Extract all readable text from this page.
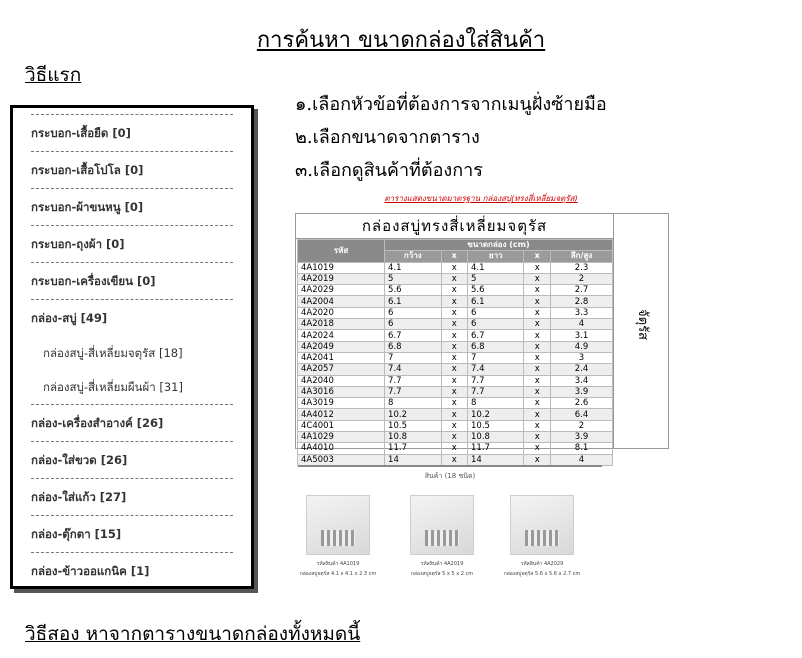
การค้นหา ขนาดกล่องใส่สินค้า
วิธีแรก
กระบอก-เสื้อยืด [0]
กระบอก-เสื้อโปโล [0]
กระบอก-ผ้าขนหนู [0]
กระบอก-ถุงผ้า [0]
กระบอก-เครื่องเขียน [0]
กล่อง-สบู่ [49]
กล่องสบู่-สี่เหลี่ยมจตุรัส [18]
กล่องสบู่-สี่เหลี่ยมผืนผ้า [31]
กล่อง-เครื่องสำอางค์ [26]
กล่อง-ใส่ขวด [26]
กล่อง-ใส่แก้ว [27]
กล่อง-ตุ๊กตา [15]
กล่อง-ข้าวออแกนิค [1]
๑.เลือกหัวข้อที่ต้องการจากเมนูฝั่งซ้ายมือ
๒.เลือกขนาดจากตาราง
๓.เลือกดูสินค้าที่ต้องการ
ตารางแสดงขนาดมาตรฐาน กล่องสบู่(ทรงสี่เหลี่ยมจตุรัส)
กล่องสบู่ทรงสี่เหลี่ยมจตุรัส
รหัส	ขนาดกล่อง (cm)				
	กว้าง	x	ยาว	x	ลึก/สูง
4A1019	4.1	x	4.1	x	2.3
4A2019	5	x	5	x	2
4A2029	5.6	x	5.6	x	2.7
4A2004	6.1	x	6.1	x	2.8
4A2020	6	x	6	x	3.3
4A2018	6	x	6	x	4
4A2024	6.7	x	6.7	x	3.1
4A2049	6.8	x	6.8	x	4.9
4A2041	7	x	7	x	3
4A2057	7.4	x	7.4	x	2.4
4A2040	7.7	x	7.7	x	3.4
4A3016	7.7	x	7.7	x	3.9
4A3019	8	x	8	x	2.6
4A4012	10.2	x	10.2	x	6.4
4C4001	10.5	x	10.5	x	2
4A1029	10.8	x	10.8	x	3.9
4A4010	11.7	x	11.7	x	8.1
4A5003	14	x	14	x	4
จัตุรัส
สินค้า (18 ชนิด)
รหัสสินค้า 4A1019
กล่องสบู่จตุรัส 4.1 x 4.1 x 2.3 cm
รหัสสินค้า 4A2019
กล่องสบู่จตุรัส 5 x 5 x 2 cm
รหัสสินค้า 4A2029
กล่องสบู่จตุรัส 5.6 x 5.6 x 2.7 cm
วิธีสอง หาจากตารางขนาดกล่องทั้งหมดนี้
